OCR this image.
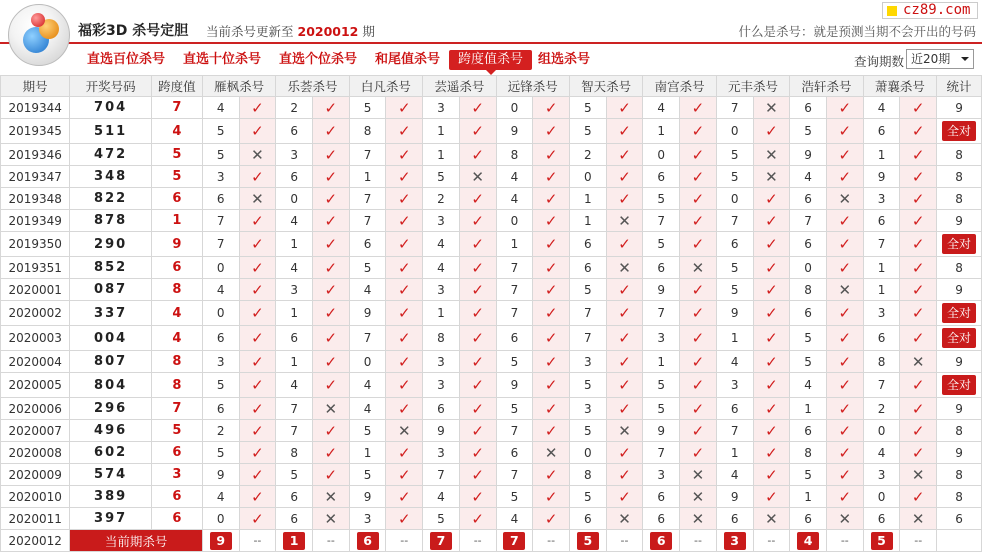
福彩3D 杀号定胆 当前杀号更新至 2020012 期
cz89.com
什么是杀号：就是预测当期不会开出的号码
直选百位杀号 直选十位杀号 直选个位杀号 和尾值杀号	跨度值杀号	组选杀号	查询期数 近20期
期号	开奖号码	跨度值	雁枫杀号		乐荟杀号		白凡杀号		芸遥杀号		远锋杀号		智天杀号		南宫杀号		元丰杀号		浩轩杀号		萧襄杀号		统计
2019344	704	7	4	✓	2	✓	5	✓	3	✓	0	✓	5	✓	4	✓	7	✕	6	✓	4	✓	9
2019345	511	4	5	✓	6	✓	8	✓	1	✓	9	✓	5	✓	1	✓	0	✓	5	✓	6	✓	全对
2019346	472	5	5	✕	3	✓	7	✓	1	✓	8	✓	2	✓	0	✓	5	✕	9	✓	1	✓	8
2019347	348	5	3	✓	6	✓	1	✓	5	✕	4	✓	0	✓	6	✓	5	✕	4	✓	9	✓	8
2019348	822	6	6	✕	0	✓	7	✓	2	✓	4	✓	1	✓	5	✓	0	✓	6	✕	3	✓	8
2019349	878	1	7	✓	4	✓	7	✓	3	✓	0	✓	1	✕	7	✓	7	✓	7	✓	6	✓	9
2019350	290	9	7	✓	1	✓	6	✓	4	✓	1	✓	6	✓	5	✓	6	✓	6	✓	7	✓	全对
2019351	852	6	0	✓	4	✓	5	✓	4	✓	7	✓	6	✕	6	✕	5	✓	0	✓	1	✓	8
2020001	087	8	4	✓	3	✓	4	✓	3	✓	7	✓	5	✓	9	✓	5	✓	8	✕	1	✓	9
2020002	337	4	0	✓	1	✓	9	✓	1	✓	7	✓	7	✓	7	✓	9	✓	6	✓	3	✓	全对
2020003	004	4	6	✓	6	✓	7	✓	8	✓	6	✓	7	✓	3	✓	1	✓	5	✓	6	✓	全对
2020004	807	8	3	✓	1	✓	0	✓	3	✓	5	✓	3	✓	1	✓	4	✓	5	✓	8	✕	9
2020005	804	8	5	✓	4	✓	4	✓	3	✓	9	✓	5	✓	5	✓	3	✓	4	✓	7	✓	全对
2020006	296	7	6	✓	7	✕	4	✓	6	✓	5	✓	3	✓	5	✓	6	✓	1	✓	2	✓	9
2020007	496	5	2	✓	7	✓	5	✕	9	✓	7	✓	5	✕	9	✓	7	✓	6	✓	0	✓	8
2020008	602	6	5	✓	8	✓	1	✓	3	✓	6	✕	0	✓	7	✓	1	✓	8	✓	4	✓	9
2020009	574	3	9	✓	5	✓	5	✓	7	✓	7	✓	8	✓	3	✕	4	✓	5	✓	3	✕	8
2020010	389	6	4	✓	6	✕	9	✓	4	✓	5	✓	5	✓	6	✕	9	✓	1	✓	0	✓	8
2020011	397	6	0	✓	6	✕	3	✓	5	✓	4	✓	6	✕	6	✕	6	✕	6	✕	6	✕	6
2020012	当前期杀号		9	--	1	--	6	--	7	--	7	--	5	--	6	--	3	--	4	--	5	--	
